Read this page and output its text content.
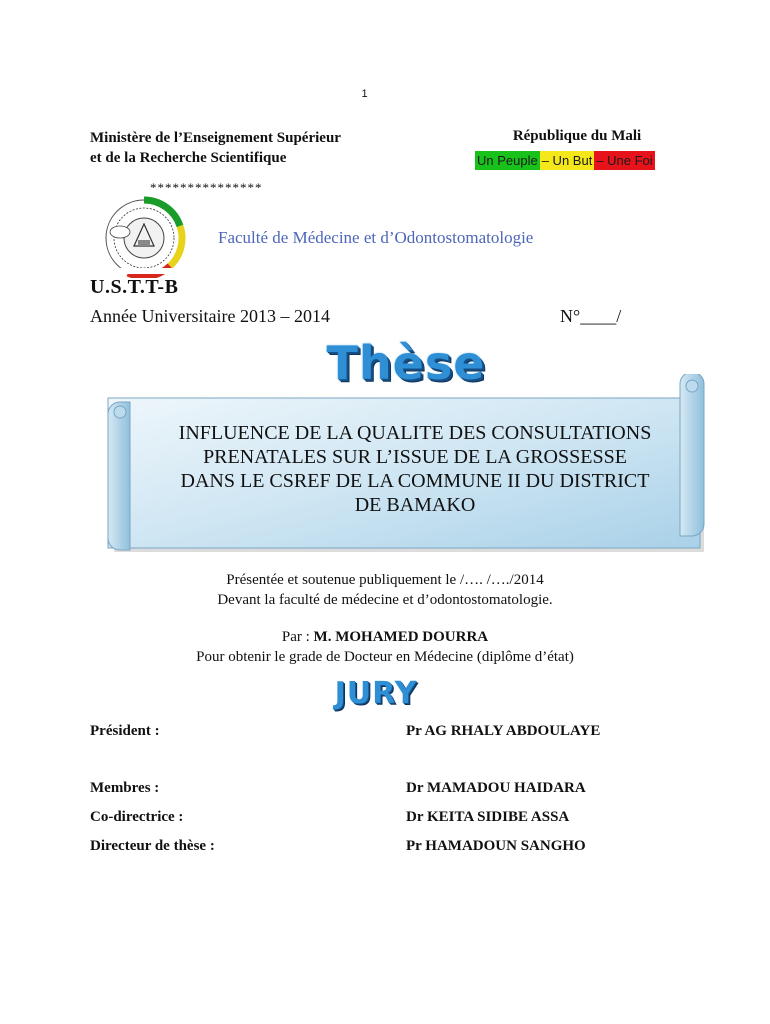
1
Ministère de l’Enseignement Supérieur
et de la Recherche Scientifique
République du Mali
Un Peuple – Un But – Une Foi
***************
Faculté de Médecine et d’Odontostomatologie
U.S.T.T-B
Année Universitaire 2013 – 2014	N°____/
Thèse
INFLUENCE DE LA QUALITE DES CONSULTATIONS
PRENATALES SUR L’ISSUE DE LA GROSSESSE
DANS LE CSREF DE LA COMMUNE II DU DISTRICT
DE BAMAKO
Présentée et soutenue publiquement le /…. /…./2014
Devant la faculté de médecine et d’odontostomatologie.
Par : M. MOHAMED DOURRA
Pour obtenir le grade de Docteur en Médecine (diplôme d’état)
JURY
Président :	Pr AG RHALY ABDOULAYE
Membres :	Dr MAMADOU HAIDARA
Co-directrice :	Dr KEITA SIDIBE ASSA
Directeur de thèse :	Pr HAMADOUN SANGHO
